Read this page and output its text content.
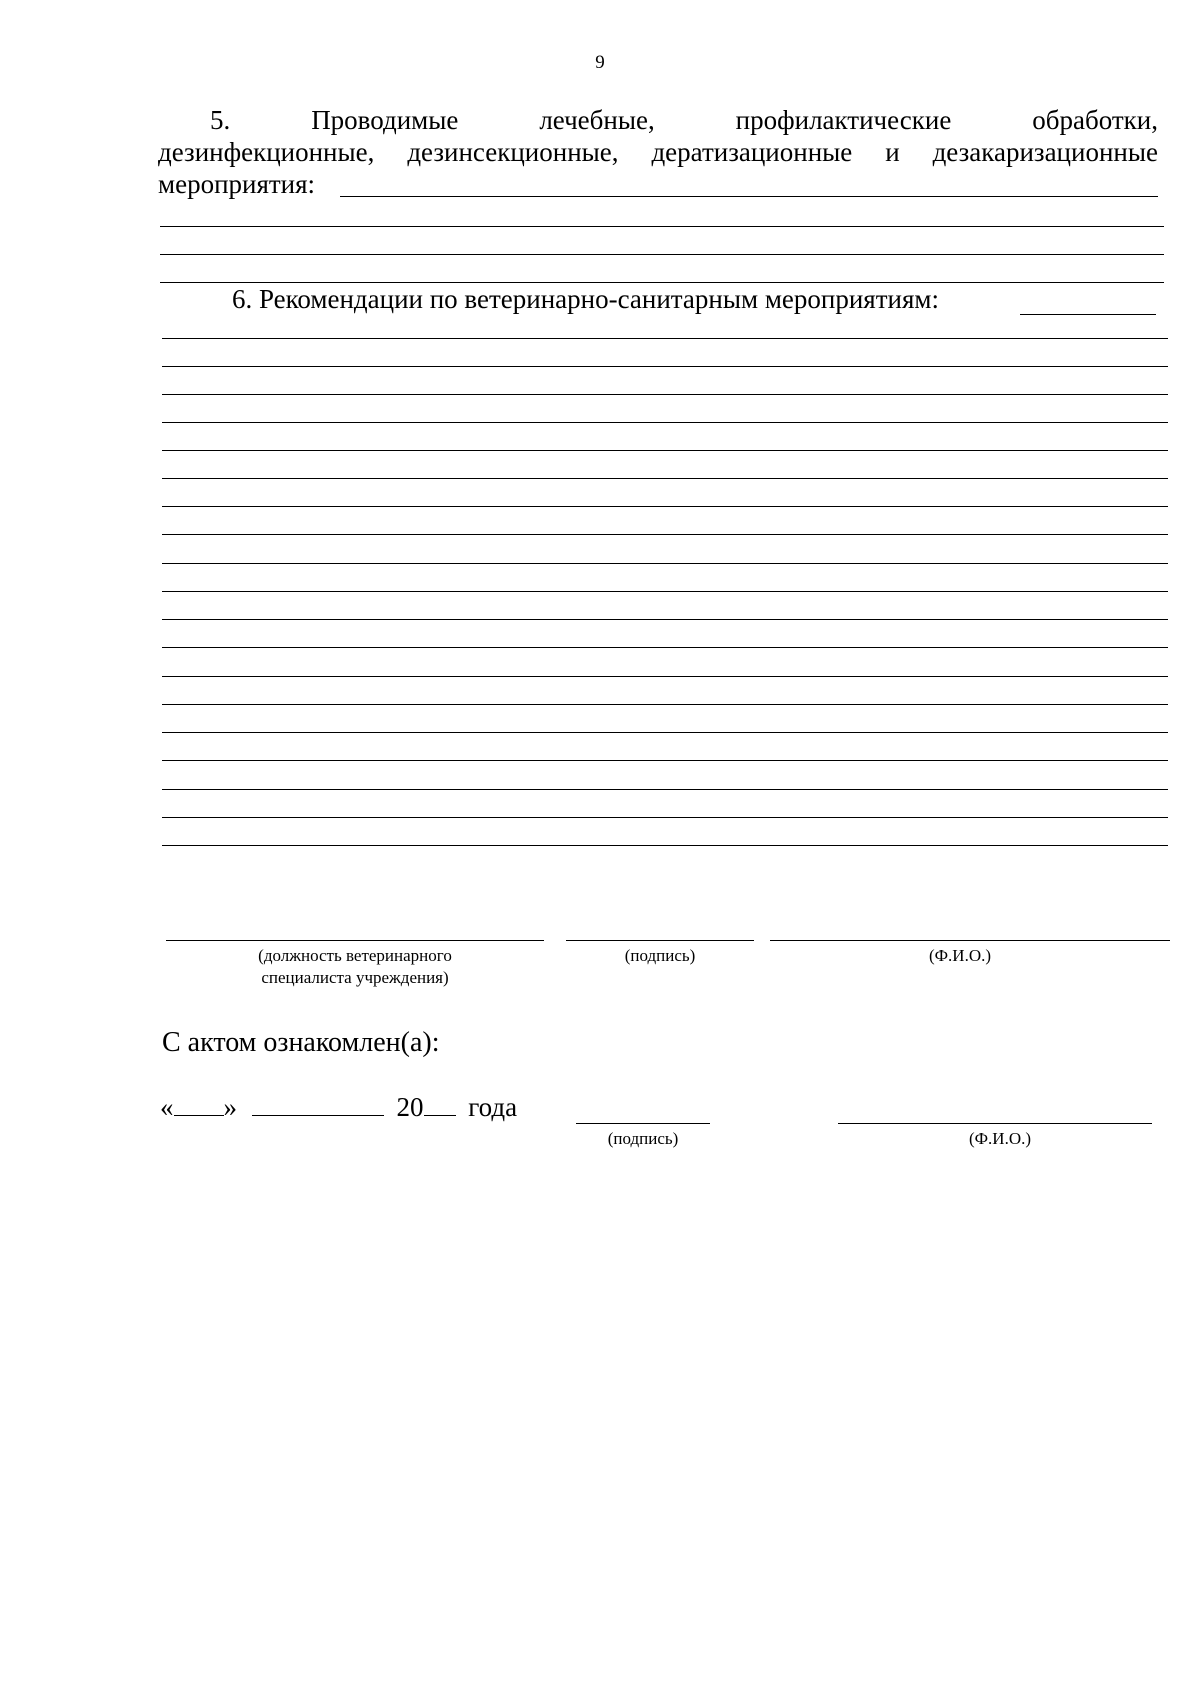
9
5.	Проводимые	лечебные,	профилактические	обработки,
дезинфекционные, дезинсекционные, дератизационные и дезакаризационные
мероприятия:
6. Рекомендации по ветеринарно-санитарным мероприятиям:
(должность ветеринарного
специалиста учреждения)
(подпись)	(Ф.И.О.)
С актом ознакомлен(а):
« »	20 года
(подпись)	(Ф.И.О.)
